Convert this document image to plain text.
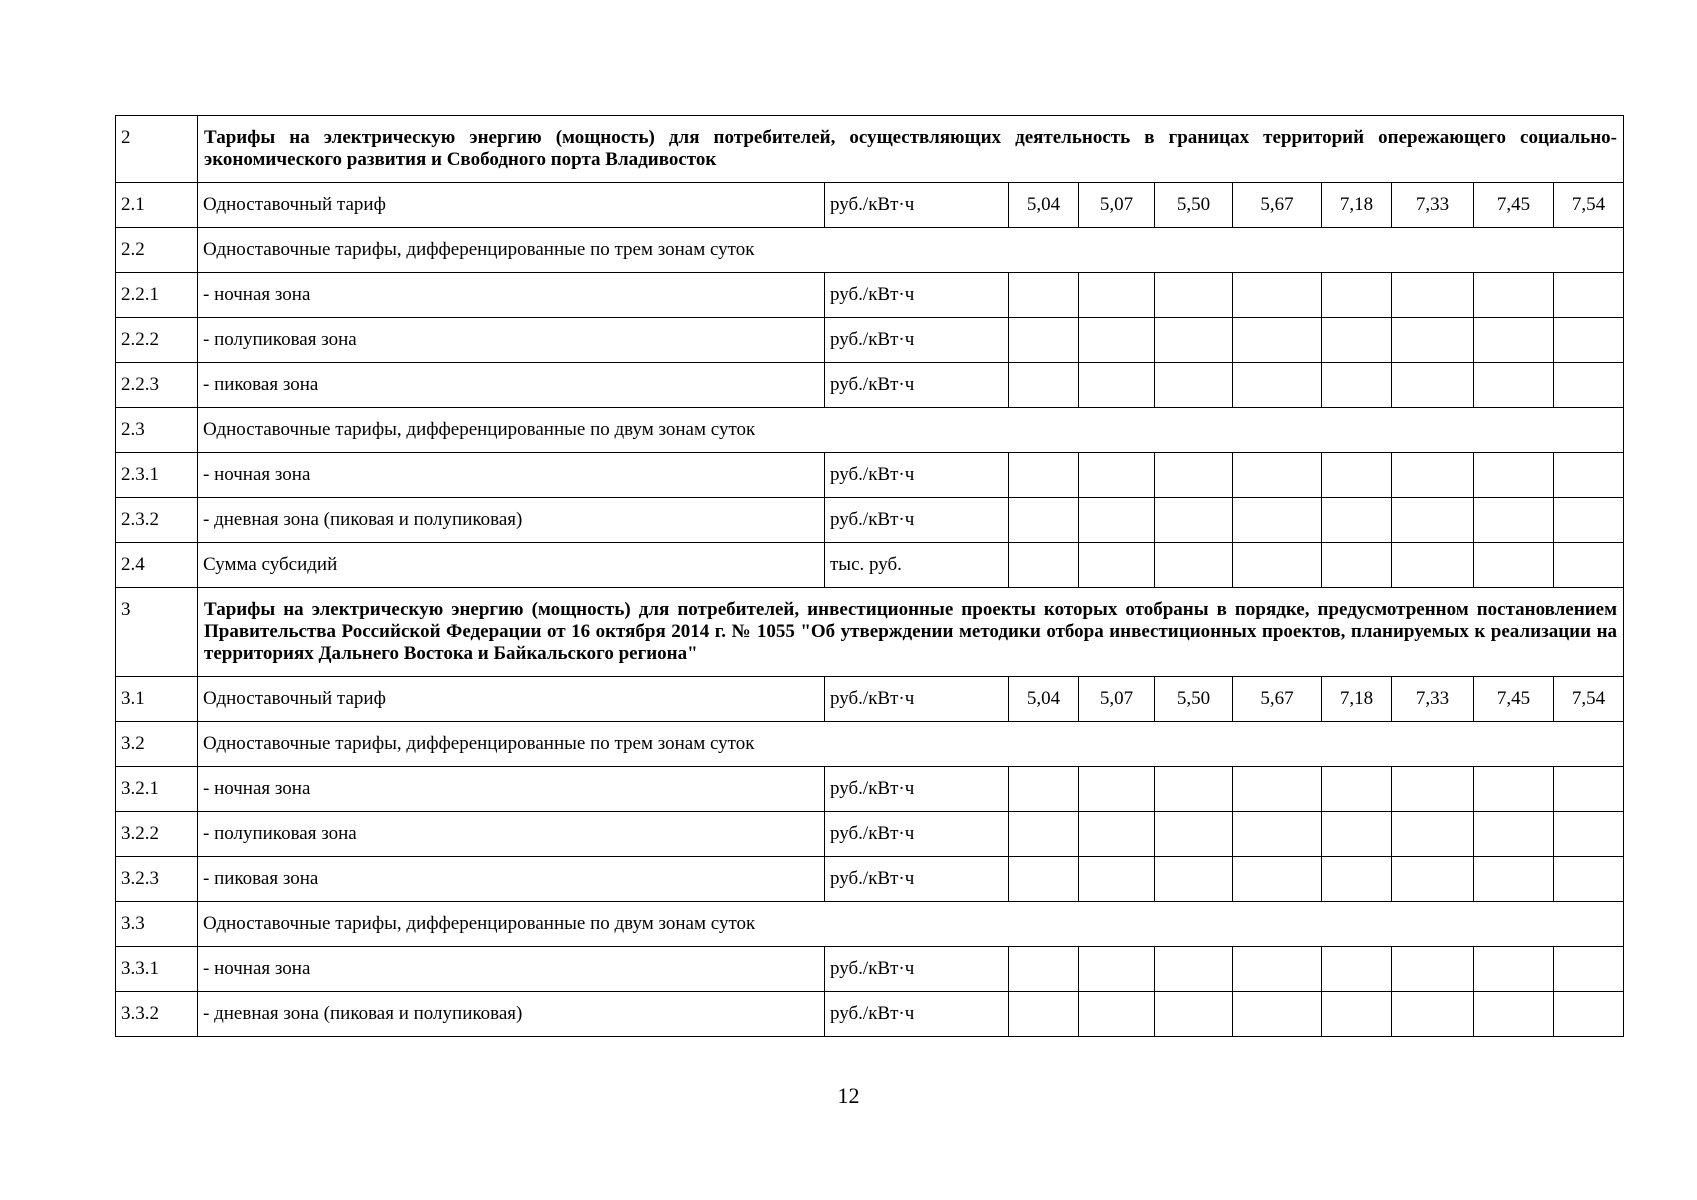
2	Тарифы на электрическую энергию (мощность) для потребителей, осуществляющих деятельность в границах территорий опережающего социально-экономического развития и Свободного порта Владивосток									
2.1	Одноставочный тариф	руб./кВт·ч	5,04	5,07	5,50	5,67	7,18	7,33	7,45	7,54
2.2	Одноставочные тарифы, дифференцированные по трем зонам суток									
2.2.1	- ночная зона	руб./кВт·ч								
2.2.2	- полупиковая зона	руб./кВт·ч								
2.2.3	- пиковая зона	руб./кВт·ч								
2.3	Одноставочные тарифы, дифференцированные по двум зонам суток									
2.3.1	- ночная зона	руб./кВт·ч								
2.3.2	- дневная зона (пиковая и полупиковая)	руб./кВт·ч								
2.4	Сумма субсидий	тыс. руб.								
3	Тарифы на электрическую энергию (мощность) для потребителей, инвестиционные проекты которых отобраны в порядке, предусмотренном постановлением Правительства Российской Федерации от 16 октября 2014 г. № 1055 "Об утверждении методики отбора инвестиционных проектов, планируемых к реализации на территориях Дальнего Востока и Байкальского региона"									
3.1	Одноставочный тариф	руб./кВт·ч	5,04	5,07	5,50	5,67	7,18	7,33	7,45	7,54
3.2	Одноставочные тарифы, дифференцированные по трем зонам суток									
3.2.1	- ночная зона	руб./кВт·ч								
3.2.2	- полупиковая зона	руб./кВт·ч								
3.2.3	- пиковая зона	руб./кВт·ч								
3.3	Одноставочные тарифы, дифференцированные по двум зонам суток									
3.3.1	- ночная зона	руб./кВт·ч								
3.3.2	- дневная зона (пиковая и полупиковая)	руб./кВт·ч								
12
